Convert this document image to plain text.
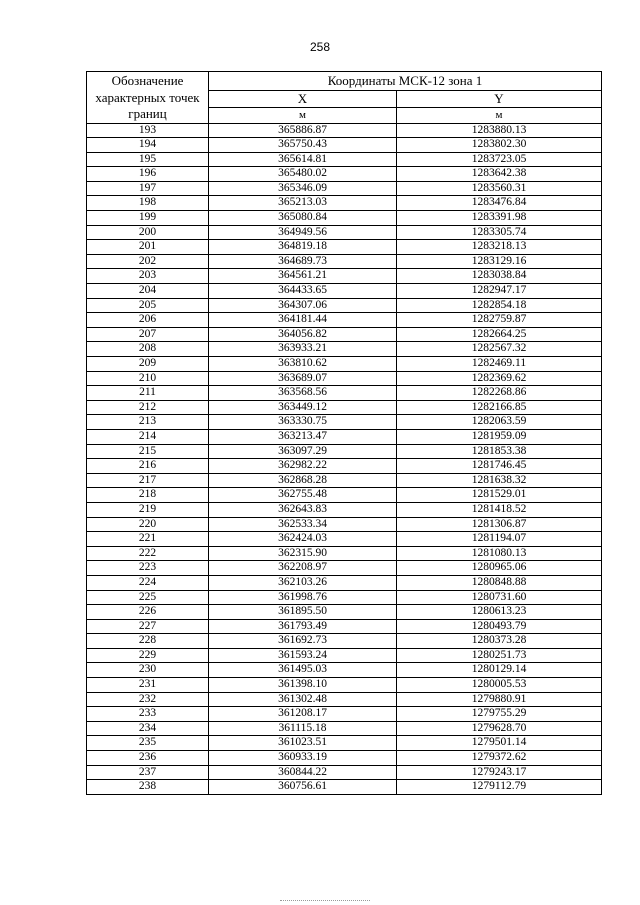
258
Обозначение характерных точек границ	Координаты МСК-12 зона 1	
	X	Y
	м	м
193	365886.87	1283880.13
194	365750.43	1283802.30
195	365614.81	1283723.05
196	365480.02	1283642.38
197	365346.09	1283560.31
198	365213.03	1283476.84
199	365080.84	1283391.98
200	364949.56	1283305.74
201	364819.18	1283218.13
202	364689.73	1283129.16
203	364561.21	1283038.84
204	364433.65	1282947.17
205	364307.06	1282854.18
206	364181.44	1282759.87
207	364056.82	1282664.25
208	363933.21	1282567.32
209	363810.62	1282469.11
210	363689.07	1282369.62
211	363568.56	1282268.86
212	363449.12	1282166.85
213	363330.75	1282063.59
214	363213.47	1281959.09
215	363097.29	1281853.38
216	362982.22	1281746.45
217	362868.28	1281638.32
218	362755.48	1281529.01
219	362643.83	1281418.52
220	362533.34	1281306.87
221	362424.03	1281194.07
222	362315.90	1281080.13
223	362208.97	1280965.06
224	362103.26	1280848.88
225	361998.76	1280731.60
226	361895.50	1280613.23
227	361793.49	1280493.79
228	361692.73	1280373.28
229	361593.24	1280251.73
230	361495.03	1280129.14
231	361398.10	1280005.53
232	361302.48	1279880.91
233	361208.17	1279755.29
234	361115.18	1279628.70
235	361023.51	1279501.14
236	360933.19	1279372.62
237	360844.22	1279243.17
238	360756.61	1279112.79
